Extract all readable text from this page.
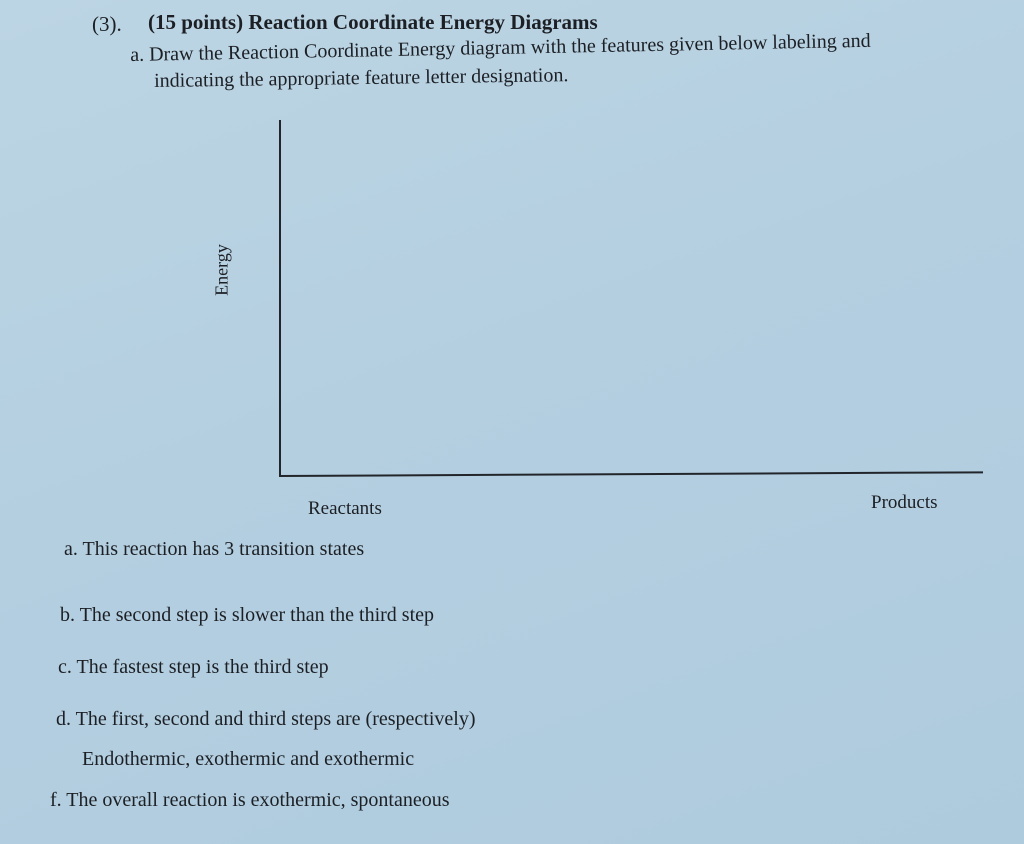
(3). (15 points) Reaction Coordinate Energy Diagrams
a. Draw the Reaction Coordinate Energy diagram with the features given below labeling and
indicating the appropriate feature letter designation.
Energy
Reactants	Products
a. This reaction has 3 transition states
b. The second step is slower than the third step
c. The fastest step is the third step
d. The first, second and third steps are (respectively)
Endothermic, exothermic and exothermic
f. The overall reaction is exothermic, spontaneous
